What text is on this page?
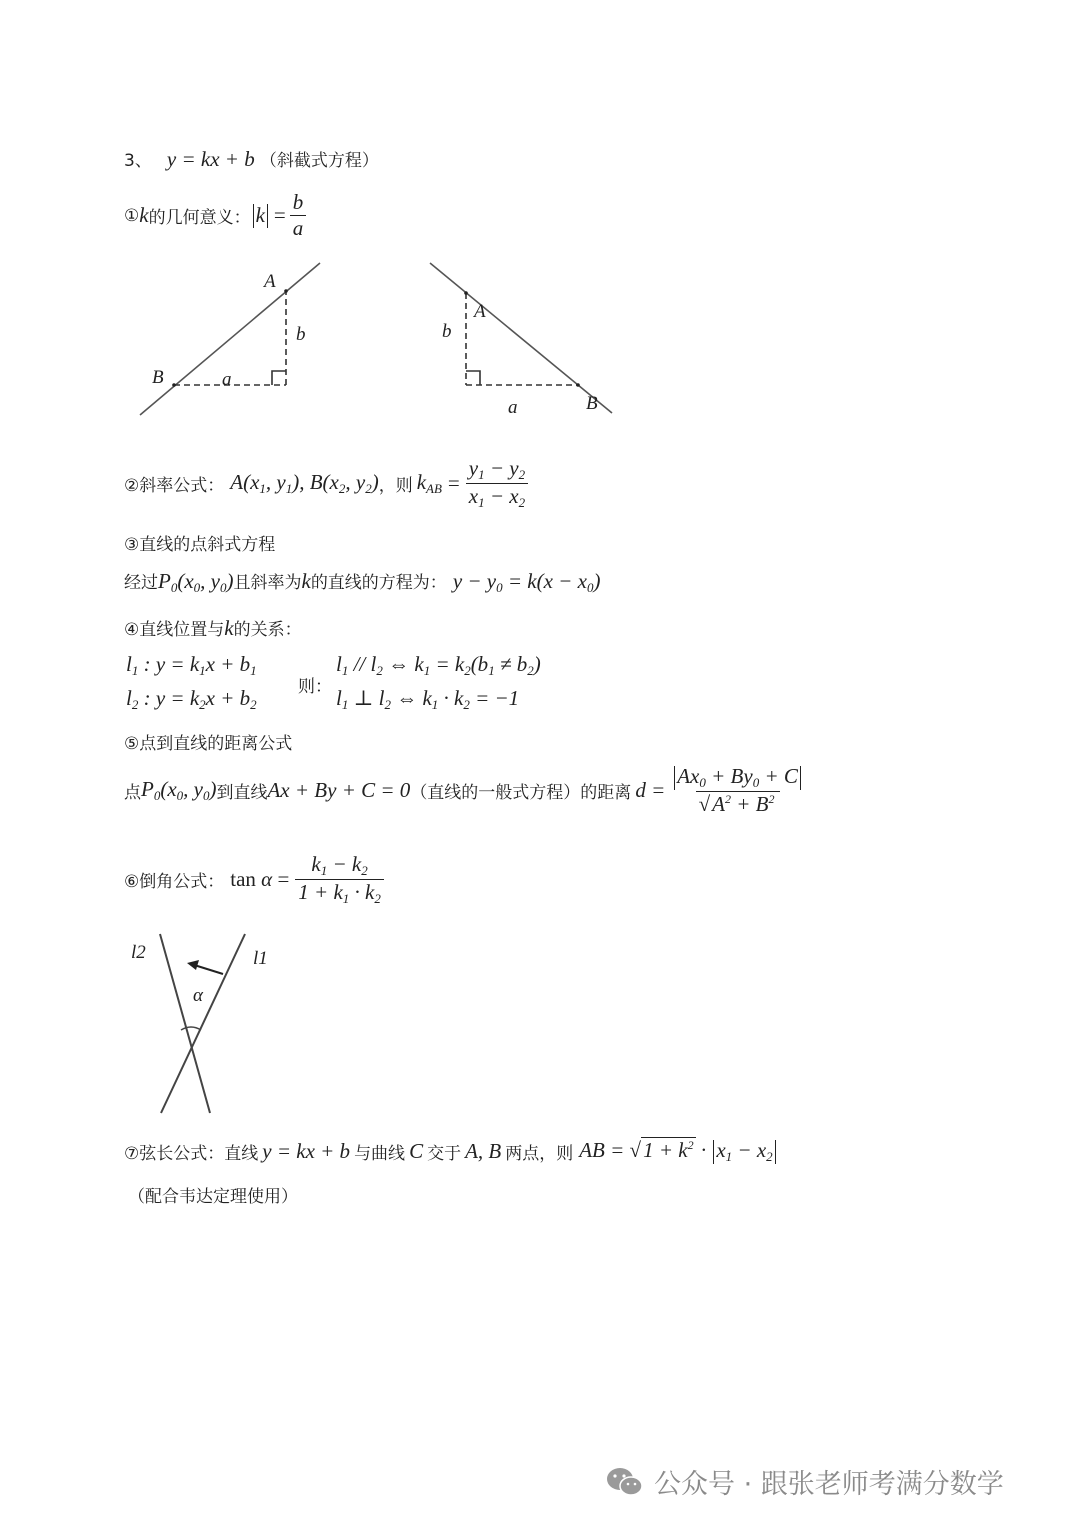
3、 y = kx + b （斜截式方程）
① k 的几何意义： $k = \frac{b}{a}$
A
B	a
b
A
B
a
b
②斜率公式： $A(x_1$, $y_1$), $B(x_2$, $y_2$) ， 则 $k_{AB} = \frac{y_1 - y_2}{x_1 - x_2}$
③直线的点斜式方程
经过 $P_0(x_0$, $y_0$) 且斜率为 k 的直线的方程为： $y - y_0 = k(x - x_0)$
④直线位置与 k 的关系：
$l_1$ : $y = k_1x + b_1$
$l_2$ : $y = k_2x + b_2$
则：
$l_1 // l_2$ ⇔ $k_1 = k_2(b_1 \ne b_2)$
$l_1$ ⊥ $l_2$ ⇔ $k_1 \cdot k_2 = -1$
⑤点到直线的距离公式
点 $P_0(x_0$, $y_0$) 到直线 Ax + By + C = 0 （直线的一般式方程）的距离 $d = \frac{Ax_0 + By_0 + C}{√A^2 + B^2}$
⑥倒角公式： $\tan \alpha = \frac{k_1 - k_2}{1 + k_1 \cdot k_2}$
l2	l1
α
⑦弦长公式：直线 y = kx + b 与曲线 C 交于 A, B 两点，则 AB = $√1 + k^2 \cdot x_1 - x_2$
（配合韦达定理使用）
公众号 · 跟张老师考满分数学
